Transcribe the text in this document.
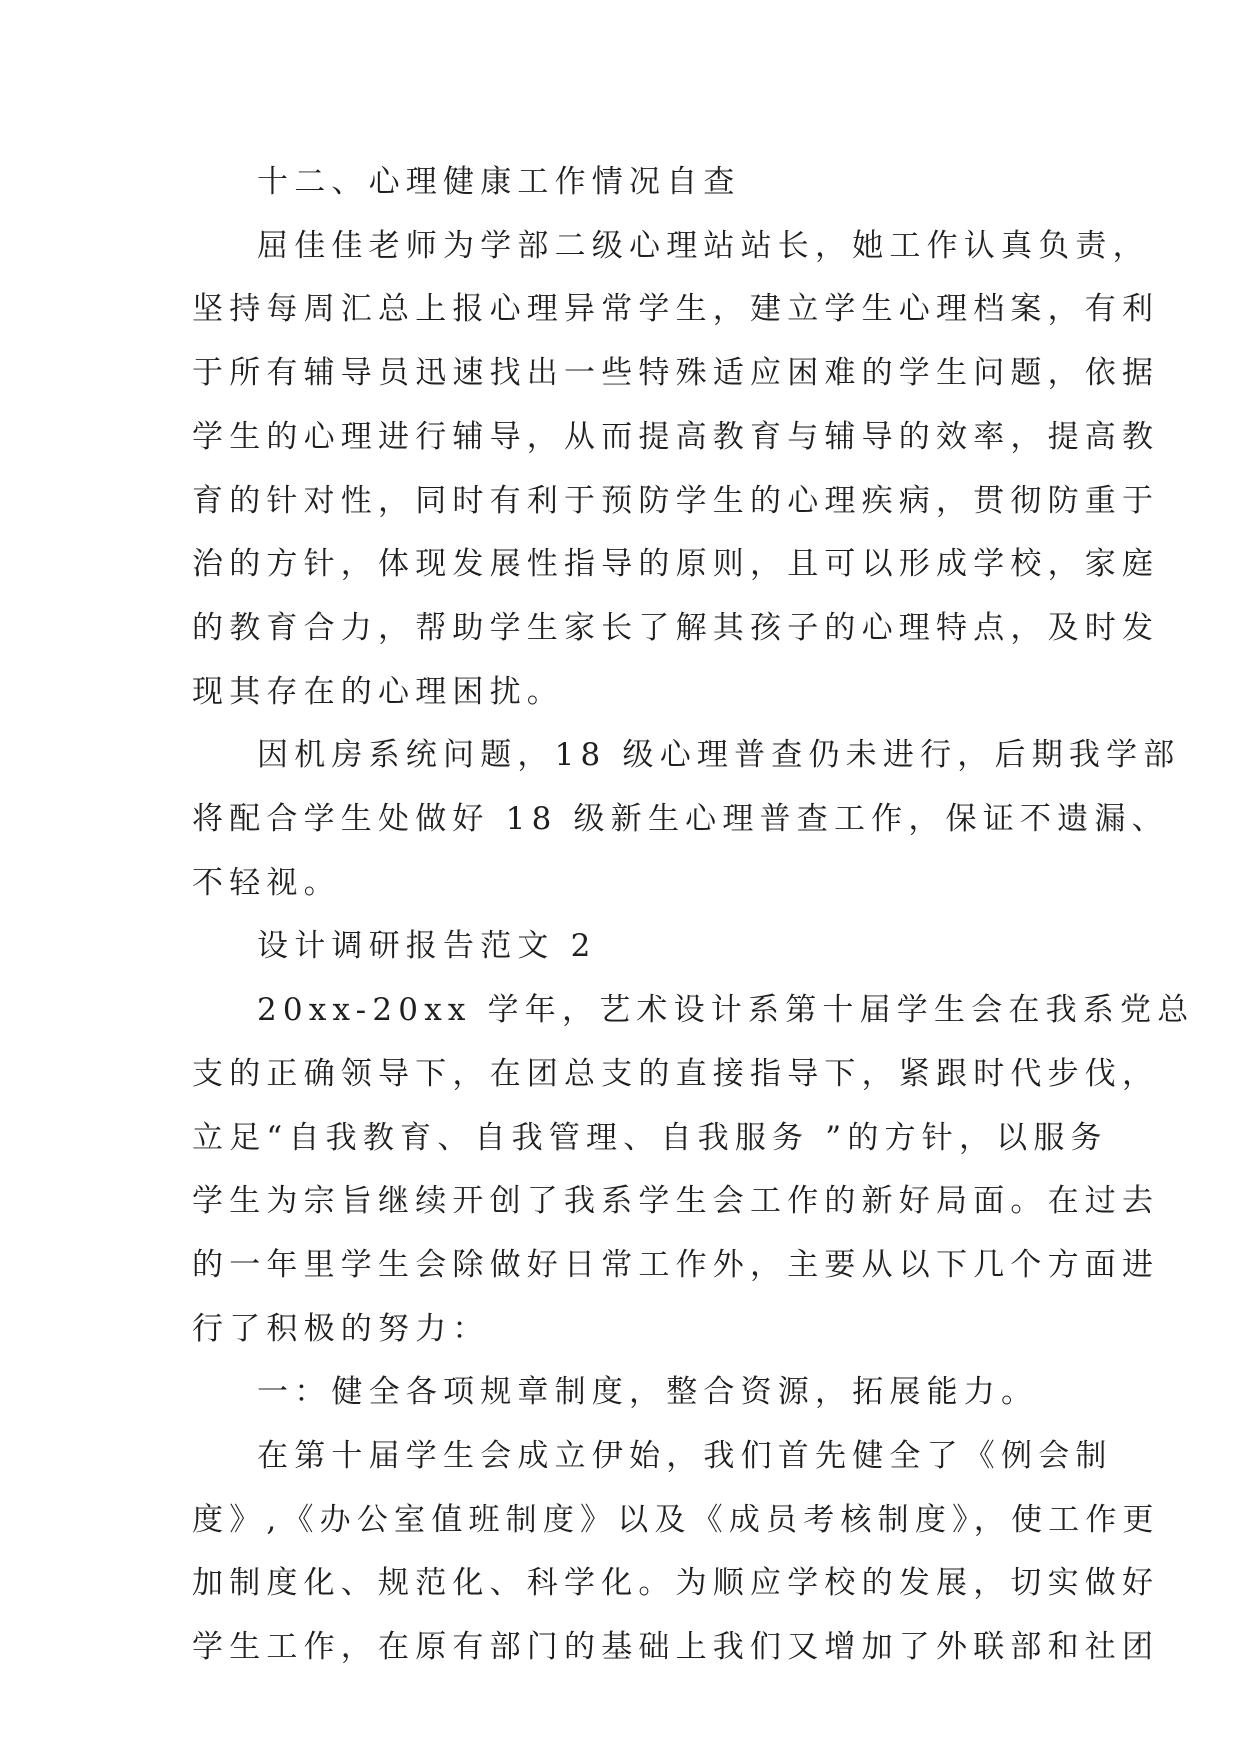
十二、心理健康工作情况自查
屈佳佳老师为学部二级心理站站长，她工作认真负责，
坚持每周汇总上报心理异常学生，建立学生心理档案，有利
于所有辅导员迅速找出一些特殊适应困难的学生问题，依据
学生的心理进行辅导，从而提高教育与辅导的效率，提高教
育的针对性，同时有利于预防学生的心理疾病，贯彻防重于
治的方针，体现发展性指导的原则，且可以形成学校，家庭
的教育合力，帮助学生家长了解其孩子的心理特点，及时发
现其存在的心理困扰。
因机房系统问题，18 级心理普查仍未进行，后期我学部
将配合学生处做好 18 级新生心理普查工作，保证不遗漏、
不轻视。
设计调研报告范文 2
20xx-20xx 学年，艺术设计系第十届学生会在我系党总
支的正确领导下，在团总支的直接指导下，紧跟时代步伐，
立足“自我教育、自我管理、自我服务 ”的方针，以服务
学生为宗旨继续开创了我系学生会工作的新好局面。在过去
的一年里学生会除做好日常工作外，主要从以下几个方面进
行了积极的努力：
一：健全各项规章制度，整合资源，拓展能力。
在第十届学生会成立伊始，我们首先健全了《例会制
度》,《办公室值班制度》以及《成员考核制度》，使工作更
加制度化、规范化、科学化。为顺应学校的发展，切实做好
学生工作，在原有部门的基础上我们又增加了外联部和社团
